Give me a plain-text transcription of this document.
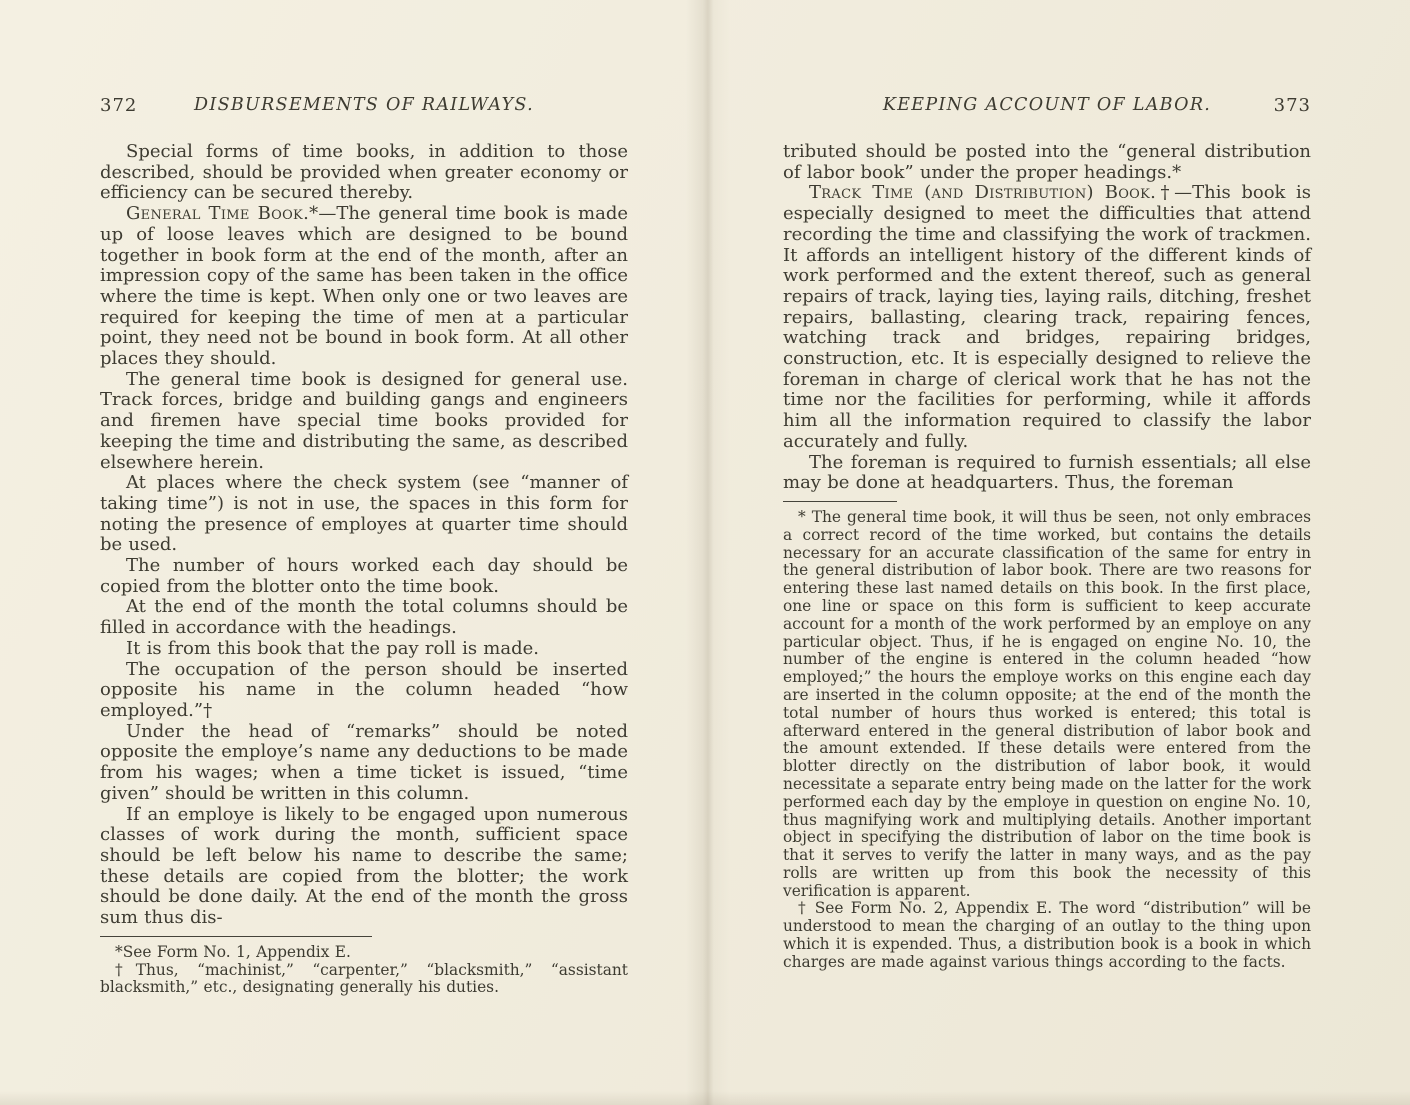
372	DISBURSEMENTS OF RAILWAYS.

Special forms of time books, in addition to those described, should be provided when greater economy or efficiency can be secured thereby.

General Time Book.*—The general time book is made up of loose leaves which are designed to be bound together in book form at the end of the month, after an impression copy of the same has been taken in the office where the time is kept. When only one or two leaves are required for keeping the time of men at a particular point, they need not be bound in book form. At all other places they should.

The general time book is designed for general use. Track forces, bridge and building gangs and engineers and firemen have special time books provided for keeping the time and distributing the same, as described elsewhere herein.

At places where the check system (see “manner of taking time”) is not in use, the spaces in this form for noting the presence of employes at quarter time should be used.

The number of hours worked each day should be copied from the blotter onto the time book.

At the end of the month the total columns should be filled in accordance with the headings.

It is from this book that the pay roll is made.

The occupation of the person should be inserted opposite his name in the column headed “how employed.”†

Under the head of “remarks” should be noted opposite the employe’s name any deductions to be made from his wages; when a time ticket is issued, “time given” should be written in this column.

If an employe is likely to be engaged upon numerous classes of work during the month, sufficient space should be left below his name to describe the same; these details are copied from the blotter; the work should be done daily. At the end of the month the gross sum thus dis-

*See Form No. 1, Appendix E.

†Thus, “machinist,” “carpenter,” “blacksmith,” “assistant blacksmith,” etc., designating generally his duties.

373
KEEPING ACCOUNT OF LABOR.

tributed should be posted into the “general distribution of labor book” under the proper headings.*

Track Time (and Distribution) Book.†—This book is especially designed to meet the difficulties that attend recording the time and classifying the work of trackmen. It affords an intelligent history of the different kinds of work performed and the extent thereof, such as general repairs of track, laying ties, laying rails, ditching, freshet repairs, ballasting, clearing track, repairing fences, watching track and bridges, repairing bridges, construction, etc. It is especially designed to relieve the foreman in charge of clerical work that he has not the time nor the facilities for performing, while it affords him all the information required to classify the labor accurately and fully.

The foreman is required to furnish essentials; all else may be done at headquarters. Thus, the foreman

* The general time book, it will thus be seen, not only embraces a correct record of the time worked, but contains the details necessary for an accurate classification of the same for entry in the general distribution of labor book. There are two reasons for entering these last named details on this book. In the first place, one line or space on this form is sufficient to keep accurate account for a month of the work performed by an employe on any particular object. Thus, if he is engaged on engine No. 10, the number of the engine is entered in the column headed “how employed;” the hours the employe works on this engine each day are inserted in the column opposite; at the end of the month the total number of hours thus worked is entered; this total is afterward entered in the general distribution of labor book and the amount extended. If these details were entered from the blotter directly on the distribution of labor book, it would necessitate a separate entry being made on the latter for the work performed each day by the employe in question on engine No. 10, thus magnifying work and multiplying details. Another important object in specifying the distribution of labor on the time book is that it serves to verify the latter in many ways, and as the pay rolls are written up from this book the necessity of this verification is apparent.

† See Form No. 2, Appendix E. The word “distribution” will be understood to mean the charging of an outlay to the thing upon which it is expended. Thus, a distribution book is a book in which charges are made against various things according to the facts.
